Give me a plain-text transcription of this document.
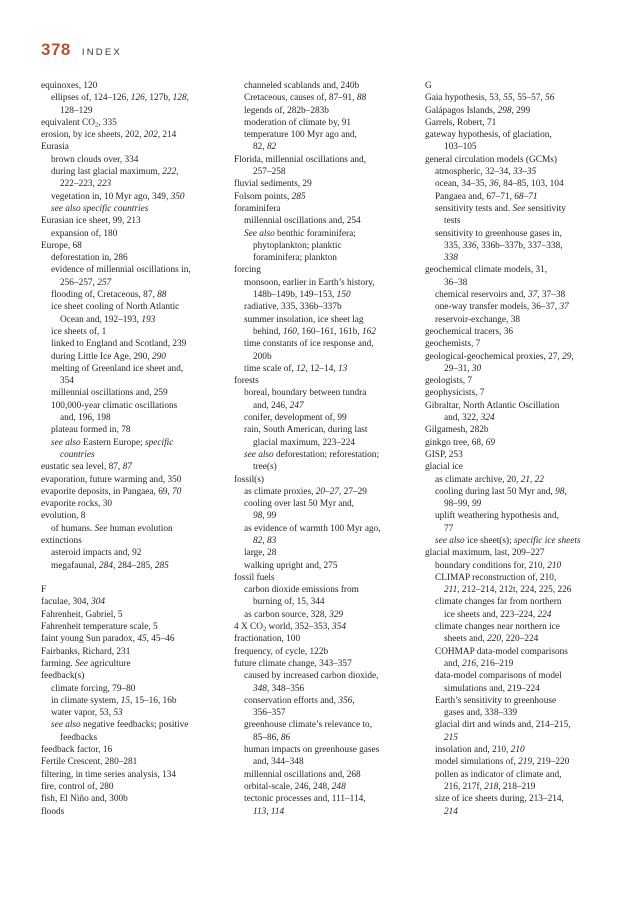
378 INDEX
equinoxes, 120
ellipses of, 124–126, 126, 127b, 128,
128–129
equivalent $CO_2$, 335
erosion, by ice sheets, 202, 202, 214
Eurasia
brown clouds over, 334
during last glacial maximum, 222,
222–223, 223
vegetation in, 10 Myr ago, 349, 350
see also specific countries
Eurasian ice sheet, 99, 213
expansion of, 180
Europe, 68
deforestation in, 286
evidence of millennial oscillations in,
256–257, 257
flooding of, Cretaceous, 87, 88
ice sheet cooling of North Atlantic
Ocean and, 192–193, 193
ice sheets of, 1
linked to England and Scotland, 239
during Little Ice Age, 290, 290
melting of Greenland ice sheet and,
354
millennial oscillations and, 259
100,000-year climatic oscillations
and, 196, 198
plateau formed in, 78
see also Eastern Europe; specific
countries
eustatic sea level, 87, 87
evaporation, future warming and, 350
evaporite deposits, in Pangaea, 69, 70
evaporite rocks, 30
evolution, 8
of humans. See human evolution
extinctions
asteroid impacts and, 92
megafaunal, 284, 284–285, 285
F
faculae, 304, 304
Fahrenheit, Gabriel, 5
Fahrenheit temperature scale, 5
faint young Sun paradox, 45, 45–46
Fairbanks, Richard, 231
farming. See agriculture
feedback(s)
climate forcing, 79–80
in climate system, 15, 15–16, 16b
water vapor, 53, 53
see also negative feedbacks; positive
feedbacks
feedback factor, 16
Fertile Crescent, 280–281
filtering, in time series analysis, 134
fire, control of, 280
fish, El Niño and, 300b
floods
channeled scablands and, 240b
Cretaceous, causes of, 87–91, 88
legends of, 282b–283b
moderation of climate by, 91
temperature 100 Myr ago and,
82, 82
Florida, millennial oscillations and,
257–258
fluvial sediments, 29
Folsom points, 285
foraminifera
millennial oscillations and, 254
See also benthic foraminifera;
phytoplankton; planktic
foraminifera; plankton
forcing
monsoon, earlier in Earth’s history,
148b–149b, 149–153, 150
radiative, 335, 336b–337b
summer insolation, ice sheet lag
behind, 160, 160–161, 161b, 162
time constants of ice response and,
200b
time scale of, 12, 12–14, 13
forests
boreal, boundary between tundra
and, 246, 247
conifer, development of, 99
rain, South American, during last
glacial maximum, 223–224
see also deforestation; reforestation;
tree(s)
fossil(s)
as climate proxies, 20–27, 27–29
cooling over last 50 Myr and,
98, 99
as evidence of warmth 100 Myr ago,
82, 83
large, 28
walking upright and, 275
fossil fuels
carbon dioxide emissions from
burning of, 15, 344
as carbon source, 328, 329
4 X $CO_2$ world, 352–353, 354
fractionation, 100
frequency, of cycle, 122b
future climate change, 343–357
caused by increased carbon dioxide,
348, 348–356
conservation efforts and, 356,
356–357
greenhouse climate’s relevance to,
85–86, 86
human impacts on greenhouse gases
and, 344–348
millennial oscillations and, 268
orbital-scale, 246, 248, 248
tectonic processes and, 111–114,
113, 114
G
Gaia hypothesis, 53, 55, 55–57, 56
Galápagos Islands, 298, 299
Garrels, Robert, 71
gateway hypothesis, of glaciation,
103–105
general circulation models (GCMs)
atmospheric, 32–34, 33–35
ocean, 34–35, 36, 84–85, 103, 104
Pangaea and, 67–71, 68–71
sensitivity tests and. See sensitivity
tests
sensitivity to greenhouse gases in,
335, 336, 336b–337b, 337–338,
338
geochemical climate models, 31,
36–38
chemical reservoirs and, 37, 37–38
one-way transfer models, 36–37, 37
reservoir-exchange, 38
geochemical tracers, 36
geochemists, 7
geological-geochemical proxies, 27, 29,
29–31, 30
geologists, 7
geophysicists, 7
Gibraltar, North Atlantic Oscillation
and, 322, 324
Gilgamesh, 282b
ginkgo tree, 68, 69
GISP, 253
glacial ice
as climate archive, 20, 21, 22
cooling during last 50 Myr and, 98,
98–99, 99
uplift weathering hypothesis and,
77
see also ice sheet(s); specific ice sheets
glacial maximum, last, 209–227
boundary conditions for, 210, 210
CLIMAP reconstruction of, 210,
211, 212–214, 212t, 224, 225, 226
climate changes far from northern
ice sheets and, 223–224, 224
climate changes near northern ice
sheets and, 220, 220–224
COHMAP data-model comparisons
and, 216, 216–219
data-model comparisons of model
simulations and, 219–224
Earth’s sensitivity to greenhouse
gases and, 338–339
glacial dirt and winds and, 214–215,
215
insolation and, 210, 210
model simulations of, 219, 219–220
pollen as indicator of climate and,
216, 217f, 218, 218–219
size of ice sheets during, 213–214,
214
